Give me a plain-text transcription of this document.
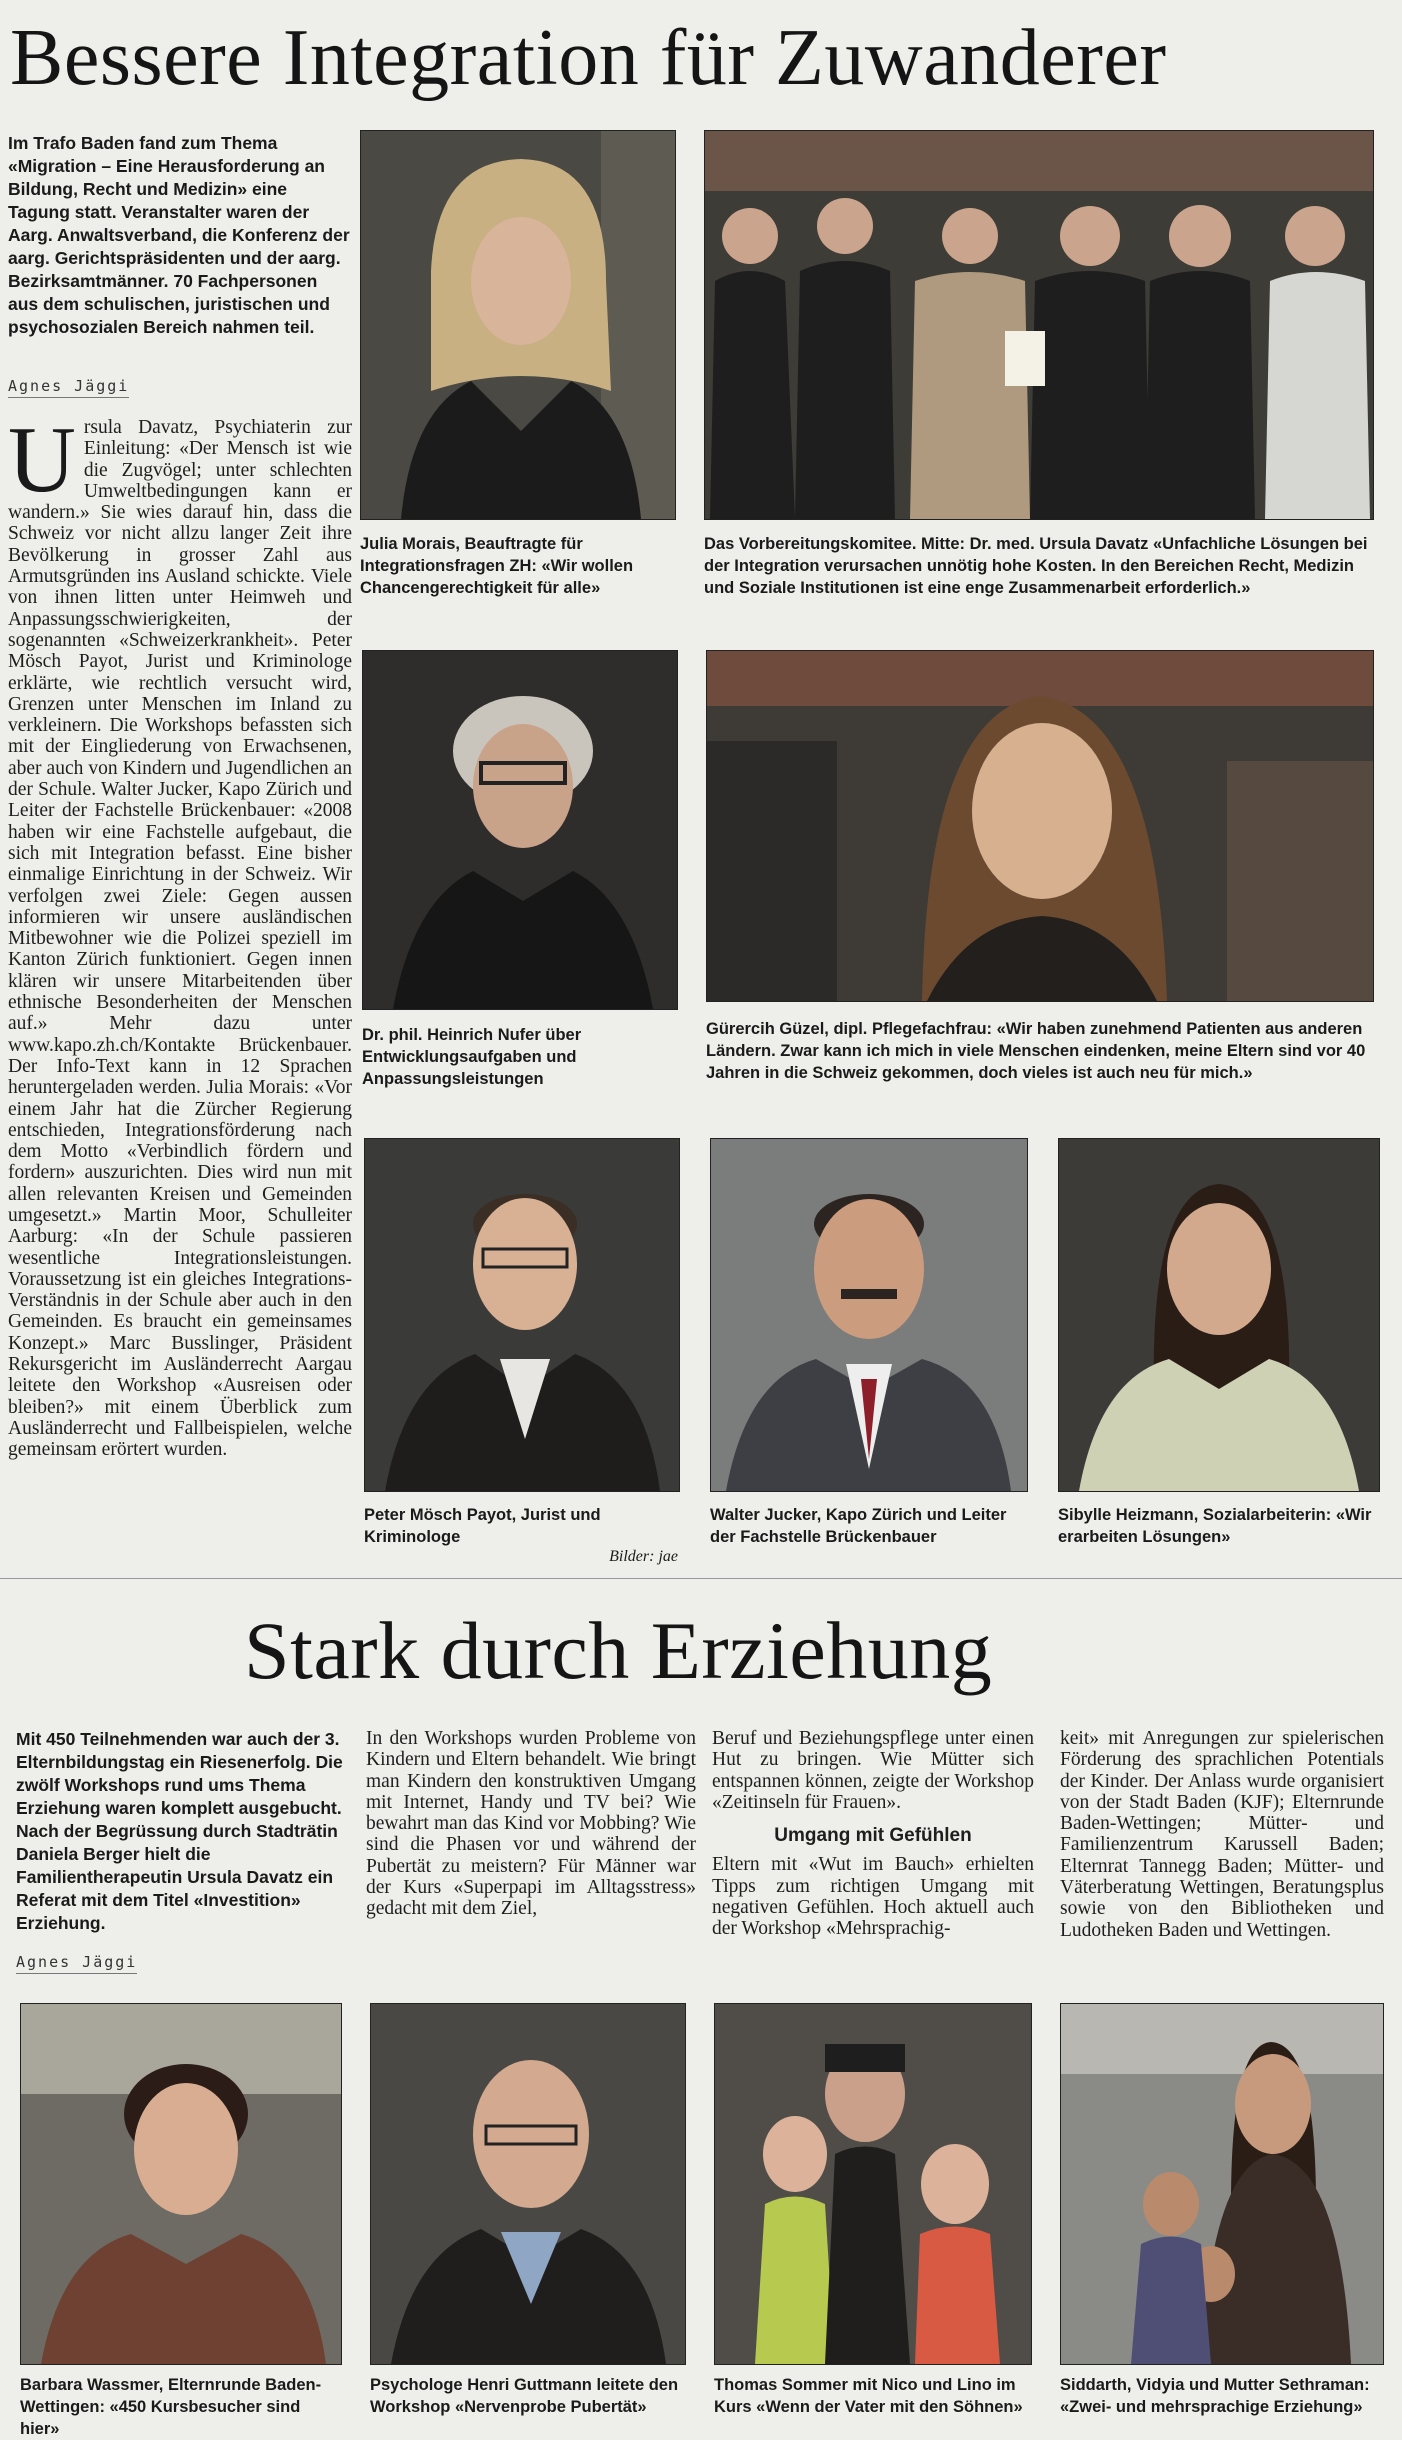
Bessere Integration für Zuwanderer
Im Trafo Baden fand zum Thema «Migration – Eine Herausforderung an Bildung, Recht und Medizin» eine Tagung statt. Veranstalter waren der Aarg. Anwaltsverband, die Konferenz der aarg. Gerichtspräsidenten und der aarg. Bezirksamtmänner. 70 Fachpersonen aus dem schulischen, juristischen und psychosozialen Bereich nahmen teil.
Agnes Jäggi
U rsula Davatz, Psychiaterin zur Einleitung: «Der Mensch ist wie die Zugvögel; unter schlechten Umweltbedingungen kann er wandern.» Sie wies darauf hin, dass die Schweiz vor nicht allzu langer Zeit ihre Bevölkerung in grosser Zahl aus Armutsgründen ins Ausland schickte. Viele von ihnen litten unter Heimweh und Anpassungsschwierigkeiten, der sogenannten «Schweizerkrankheit». Peter Mösch Payot, Jurist und Kriminologe erklärte, wie rechtlich versucht wird, Grenzen unter Menschen im Inland zu verkleinern. Die Workshops befassten sich mit der Eingliederung von Erwachsenen, aber auch von Kindern und Jugendlichen an der Schule. Walter Jucker, Kapo Zürich und Leiter der Fachstelle Brückenbauer: «2008 haben wir eine Fachstelle aufgebaut, die sich mit Integration befasst. Eine bisher einmalige Einrichtung in der Schweiz. Wir verfolgen zwei Ziele: Gegen aussen informieren wir unsere ausländischen Mitbewohner wie die Polizei speziell im Kanton Zürich funktioniert. Gegen innen klären wir unsere Mitarbeitenden über ethnische Besonderheiten der Menschen auf.» Mehr dazu unter www.kapo.zh.ch/Kontakte Brückenbauer. Der Info-Text kann in 12 Sprachen heruntergeladen werden. Julia Morais: «Vor einem Jahr hat die Zürcher Regierung entschieden, Integrationsförderung nach dem Motto «Verbindlich fördern und fordern» auszurichten. Dies wird nun mit allen relevanten Kreisen und Gemeinden umgesetzt.» Martin Moor, Schulleiter Aarburg: «In der Schule passieren wesentliche Integrationsleistungen. Voraussetzung ist ein gleiches Integrations-Verständnis in der Schule aber auch in den Gemeinden. Es braucht ein gemeinsames Konzept.» Marc Busslinger, Präsident Rekursgericht im Ausländerrecht Aargau leitete den Workshop «Ausreisen oder bleiben?» mit einem Überblick zum Ausländerrecht und Fallbeispielen, welche gemeinsam erörtert wurden.
Julia Morais, Beauftragte für Integrationsfragen ZH: «Wir wollen Chancengerechtigkeit für alle»
Das Vorbereitungskomitee. Mitte: Dr. med. Ursula Davatz «Unfachliche Lösungen bei der Integration verursachen unnötig hohe Kosten. In den Bereichen Recht, Medizin und Soziale Institutionen ist eine enge Zusammenarbeit erforderlich.»
Dr. phil. Heinrich Nufer über Entwicklungsaufgaben und Anpassungsleistungen
Gürercih Güzel, dipl. Pflegefachfrau: «Wir haben zunehmend Patienten aus anderen Ländern. Zwar kann ich mich in viele Menschen eindenken, meine Eltern sind vor 40 Jahren in die Schweiz gekommen, doch vieles ist auch neu für mich.»
Peter Mösch Payot, Jurist und Kriminologe
Bilder: jae
Walter Jucker, Kapo Zürich und Leiter der Fachstelle Brückenbauer
Sibylle Heizmann, Sozialarbeiterin: «Wir erarbeiten Lösungen»
Stark durch Erziehung
Mit 450 Teilnehmenden war auch der 3. Elternbildungstag ein Riesenerfolg. Die zwölf Workshops rund ums Thema Erziehung waren komplett ausgebucht. Nach der Begrüssung durch Stadträtin Daniela Berger hielt die Familientherapeutin Ursula Davatz ein Referat mit dem Titel «Investition» Erziehung.
Agnes Jäggi
In den Workshops wurden Probleme von Kindern und Eltern behandelt. Wie bringt man Kindern den konstruktiven Umgang mit Internet, Handy und TV bei? Wie bewahrt man das Kind vor Mobbing? Wie sind die Phasen vor und während der Pubertät zu meistern? Für Männer war der Kurs «Superpapi im Alltagsstress» gedacht mit dem Ziel,

Beruf und Beziehungspflege unter einen Hut zu bringen. Wie Mütter sich entspannen können, zeigte der Workshop «Zeitinseln für Frauen».

Umgang mit Gefühlen

Eltern mit «Wut im Bauch» erhielten Tipps zum richtigen Umgang mit negativen Gefühlen. Hoch aktuell auch der Workshop «Mehrsprachig-

keit» mit Anregungen zur spielerischen Förderung des sprachlichen Potentials der Kinder. Der Anlass wurde organisiert von der Stadt Baden (KJF); Elternrunde Baden-Wettingen; Mütter- und Familienzentrum Karussell Baden; Elternrat Tannegg Baden; Mütter- und Väterberatung Wettingen, Beratungsplus sowie von den Bibliotheken und Ludotheken Baden und Wettingen.
Barbara Wassmer, Elternrunde Baden-Wettingen: «450 Kursbesucher sind hier»
Psychologe Henri Guttmann leitete den Workshop «Nervenprobe Pubertät»
Thomas Sommer mit Nico und Lino im Kurs «Wenn der Vater mit den Söhnen»
Siddarth, Vidyia und Mutter Sethraman: «Zwei- und mehrsprachige Erziehung»
